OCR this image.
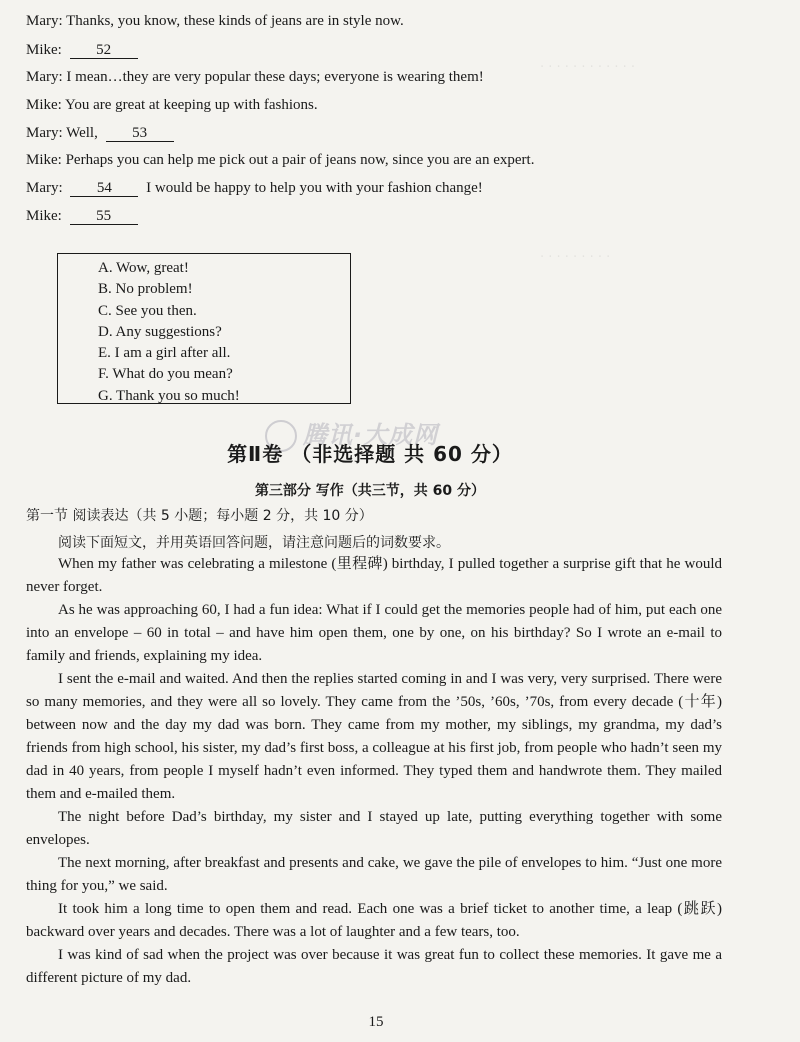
· · · · · · · · · · · ·
· · · · · · · · ·
Mary: Thanks, you know, these kinds of jeans are in style now.
Mike: 52
Mary: I mean…they are very popular these days; everyone is wearing them!
Mike: You are great at keeping up with fashions.
Mary: Well, 53
Mike: Perhaps you can help me pick out a pair of jeans now, since you are an expert.
Mary: 54 I would be happy to help you with your fashion change!
Mike: 55
A. Wow, great!
B. No problem!
C. See you then.
D. Any suggestions?
E. I am a girl after all.
F. What do you mean?
G. Thank you so much!
腾讯·大成网
第Ⅱ卷 （非选择题 共 60 分）
第三部分 写作（共三节，共 60 分）
第一节 阅读表达（共 5 小题；每小题 2 分，共 10 分）
阅读下面短文，并用英语回答问题，请注意问题后的词数要求。

When my father was celebrating a milestone (里程碑) birthday, I pulled together a surprise gift that he would never forget.

As he was approaching 60, I had a fun idea: What if I could get the memories people had of him, put each one into an envelope – 60 in total – and have him open them, one by one, on his birthday? So I wrote an e-mail to family and friends, explaining my idea.

I sent the e-mail and waited. And then the replies started coming in and I was very, very surprised. There were so many memories, and they were all so lovely. They came from the ’50s, ’60s, ’70s, from every decade (十年) between now and the day my dad was born. They came from my mother, my siblings, my grandma, my dad’s friends from high school, his sister, my dad’s first boss, a colleague at his first job, from people who hadn’t seen my dad in 40 years, from people I myself hadn’t even informed. They typed them and handwrote them. They mailed them and e-mailed them.

The night before Dad’s birthday, my sister and I stayed up late, putting everything together with some envelopes.

The next morning, after breakfast and presents and cake, we gave the pile of envelopes to him. “Just one more thing for you,” we said.

It took him a long time to open them and read. Each one was a brief ticket to another time, a leap (跳跃) backward over years and decades. There was a lot of laughter and a few tears, too.

I was kind of sad when the project was over because it was great fun to collect these memories. It gave me a different picture of my dad.

15
